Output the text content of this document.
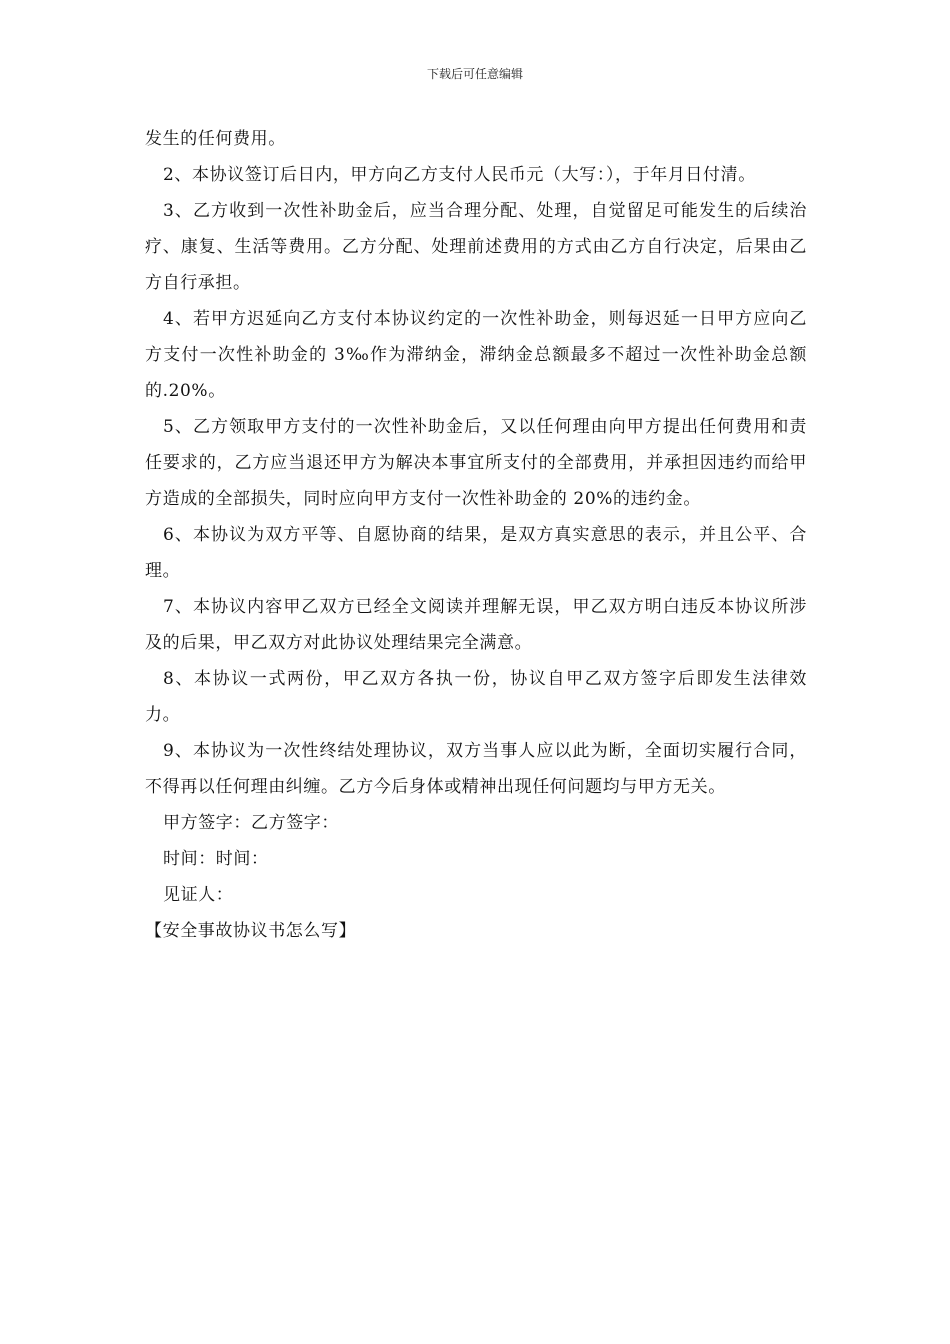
下载后可任意编辑

发生的任何费用。

2、本协议签订后日内，甲方向乙方支付人民币元（大写：），于年月日付清。

3、乙方收到一次性补助金后，应当合理分配、处理，自觉留足可能发生的后续治疗、康复、生活等费用。乙方分配、处理前述费用的方式由乙方自行决定，后果由乙方自行承担。

4、若甲方迟延向乙方支付本协议约定的一次性补助金，则每迟延一日甲方应向乙方支付一次性补助金的 3‰作为滞纳金，滞纳金总额最多不超过一次性补助金总额的.20%。

5、乙方领取甲方支付的一次性补助金后，又以任何理由向甲方提出任何费用和责任要求的，乙方应当退还甲方为解决本事宜所支付的全部费用，并承担因违约而给甲方造成的全部损失，同时应向甲方支付一次性补助金的 20%的违约金。

6、本协议为双方平等、自愿协商的结果，是双方真实意思的表示，并且公平、合理。

7、本协议内容甲乙双方已经全文阅读并理解无误，甲乙双方明白违反本协议所涉及的后果，甲乙双方对此协议处理结果完全满意。

8、本协议一式两份，甲乙双方各执一份，协议自甲乙双方签字后即发生法律效力。

9、本协议为一次性终结处理协议，双方当事人应以此为断，全面切实履行合同，不得再以任何理由纠缠。乙方今后身体或精神出现任何问题均与甲方无关。

甲方签字：乙方签字：

时间：时间：

见证人：

【安全事故协议书怎么写】
